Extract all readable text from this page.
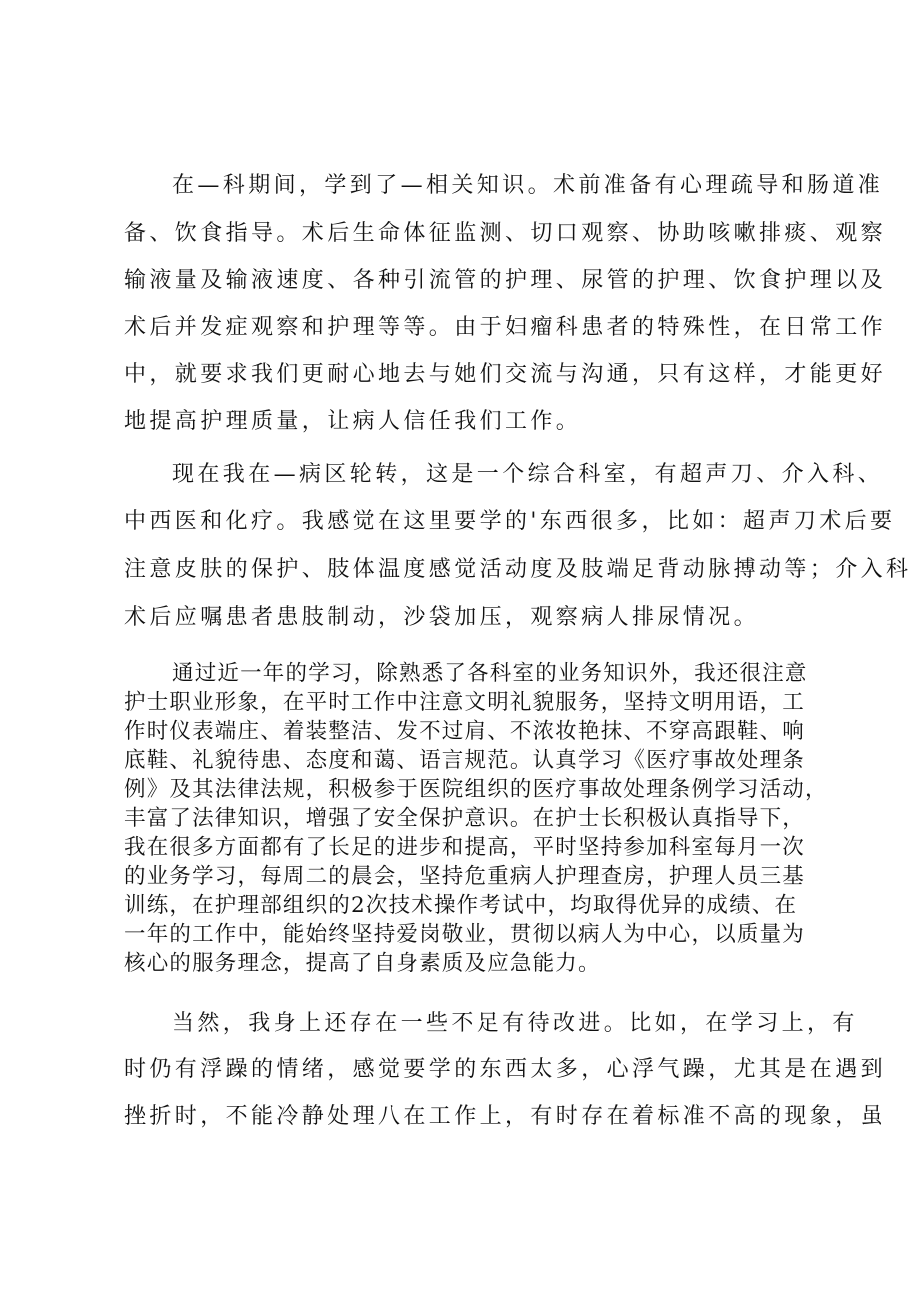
在—科期间，学到了—相关知识。术前准备有心理疏导和肠道准
备、饮食指导。术后生命体征监测、切口观察、协助咳嗽排痰、观察
输液量及输液速度、各种引流管的护理、尿管的护理、饮食护理以及
术后并发症观察和护理等等。由于妇瘤科患者的特殊性，在日常工作
中，就要求我们更耐心地去与她们交流与沟通，只有这样，才能更好
地提高护理质量，让病人信任我们工作。
现在我在—病区轮转，这是一个综合科室，有超声刀、介入科、
中西医和化疗。我感觉在这里要学的'东西很多，比如：超声刀术后要
注意皮肤的保护、肢体温度感觉活动度及肢端足背动脉搏动等；介入科
术后应嘱患者患肢制动，沙袋加压，观察病人排尿情况。
通过近一年的学习，除熟悉了各科室的业务知识外，我还很注意
护士职业形象，在平时工作中注意文明礼貌服务，坚持文明用语，工
作时仪表端庄、着装整洁、发不过肩、不浓妆艳抹、不穿高跟鞋、响
底鞋、礼貌待患、态度和蔼、语言规范。认真学习《医疗事故处理条
例》及其法律法规，积极参于医院组织的医疗事故处理条例学习活动，
丰富了法律知识，增强了安全保护意识。在护士长积极认真指导下，
我在很多方面都有了长足的进步和提高，平时坚持参加科室每月一次
的业务学习，每周二的晨会，坚持危重病人护理查房，护理人员三基
训练，在护理部组织的2次技术操作考试中，均取得优异的成绩、在
一年的工作中，能始终坚持爱岗敬业，贯彻以病人为中心，以质量为
核心的服务理念，提高了自身素质及应急能力。
当然，我身上还存在一些不足有待改进。比如，在学习上，有
时仍有浮躁的情绪，感觉要学的东西太多，心浮气躁，尤其是在遇到
挫折时，不能冷静处理八在工作上，有时存在着标准不高的现象，虽
